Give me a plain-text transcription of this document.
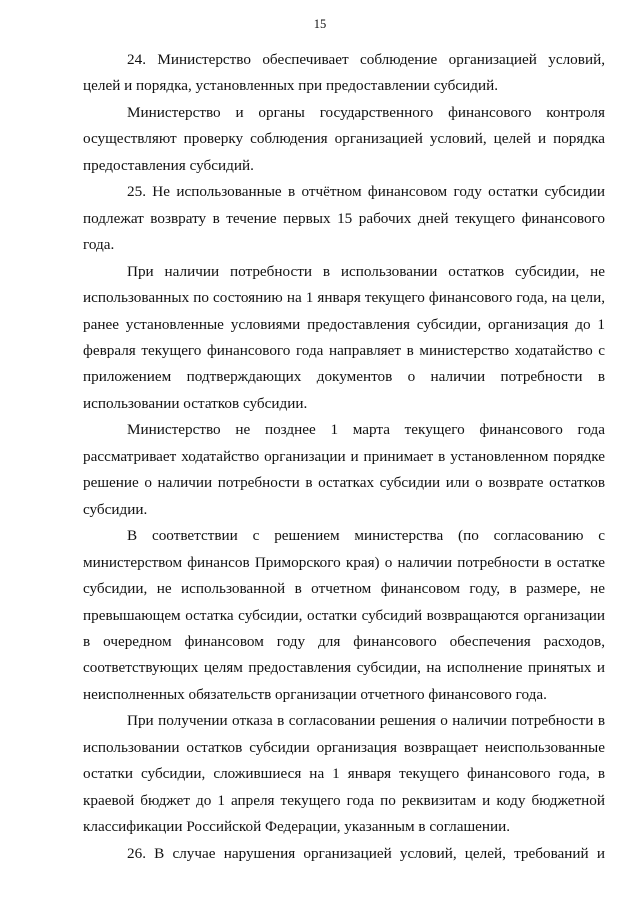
15

24. Министерство обеспечивает соблюдение организацией условий, целей и порядка, установленных при предоставлении субсидий.

Министерство и органы государственного финансового контроля осуществляют проверку соблюдения организацией условий, целей и порядка предоставления субсидий.

25. Не использованные в отчётном финансовом году остатки субсидии подлежат возврату в течение первых 15 рабочих дней текущего финансового года.

При наличии потребности в использовании остатков субсидии, не использованных по состоянию на 1 января текущего финансового года, на цели, ранее установленные условиями предоставления субсидии, организация до 1 февраля текущего финансового года направляет в министерство ходатайство с приложением подтверждающих документов о наличии потребности в использовании остатков субсидии.

Министерство не позднее 1 марта текущего финансового года рассматривает ходатайство организации и принимает в установленном порядке решение о наличии потребности в остатках субсидии или о возврате остатков субсидии.

В соответствии с решением министерства (по согласованию с министерством финансов Приморского края) о наличии потребности в остатке субсидии, не использованной в отчетном финансовом году, в размере, не превышающем остатка субсидии, остатки субсидий возвращаются организации в очередном финансовом году для финансового обеспечения расходов, соответствующих целям предоставления субсидии, на исполнение принятых и неисполненных обязательств организации отчетного финансового года.

При получении отказа в согласовании решения о наличии потребности в использовании остатков субсидии организация возвращает неиспользованные остатки субсидии, сложившиеся на 1 января текущего финансового года, в краевой бюджет до 1 апреля текущего года по реквизитам и коду бюджетной классификации Российской Федерации, указанным в соглашении.

26. В случае нарушения организацией условий, целей, требований и
